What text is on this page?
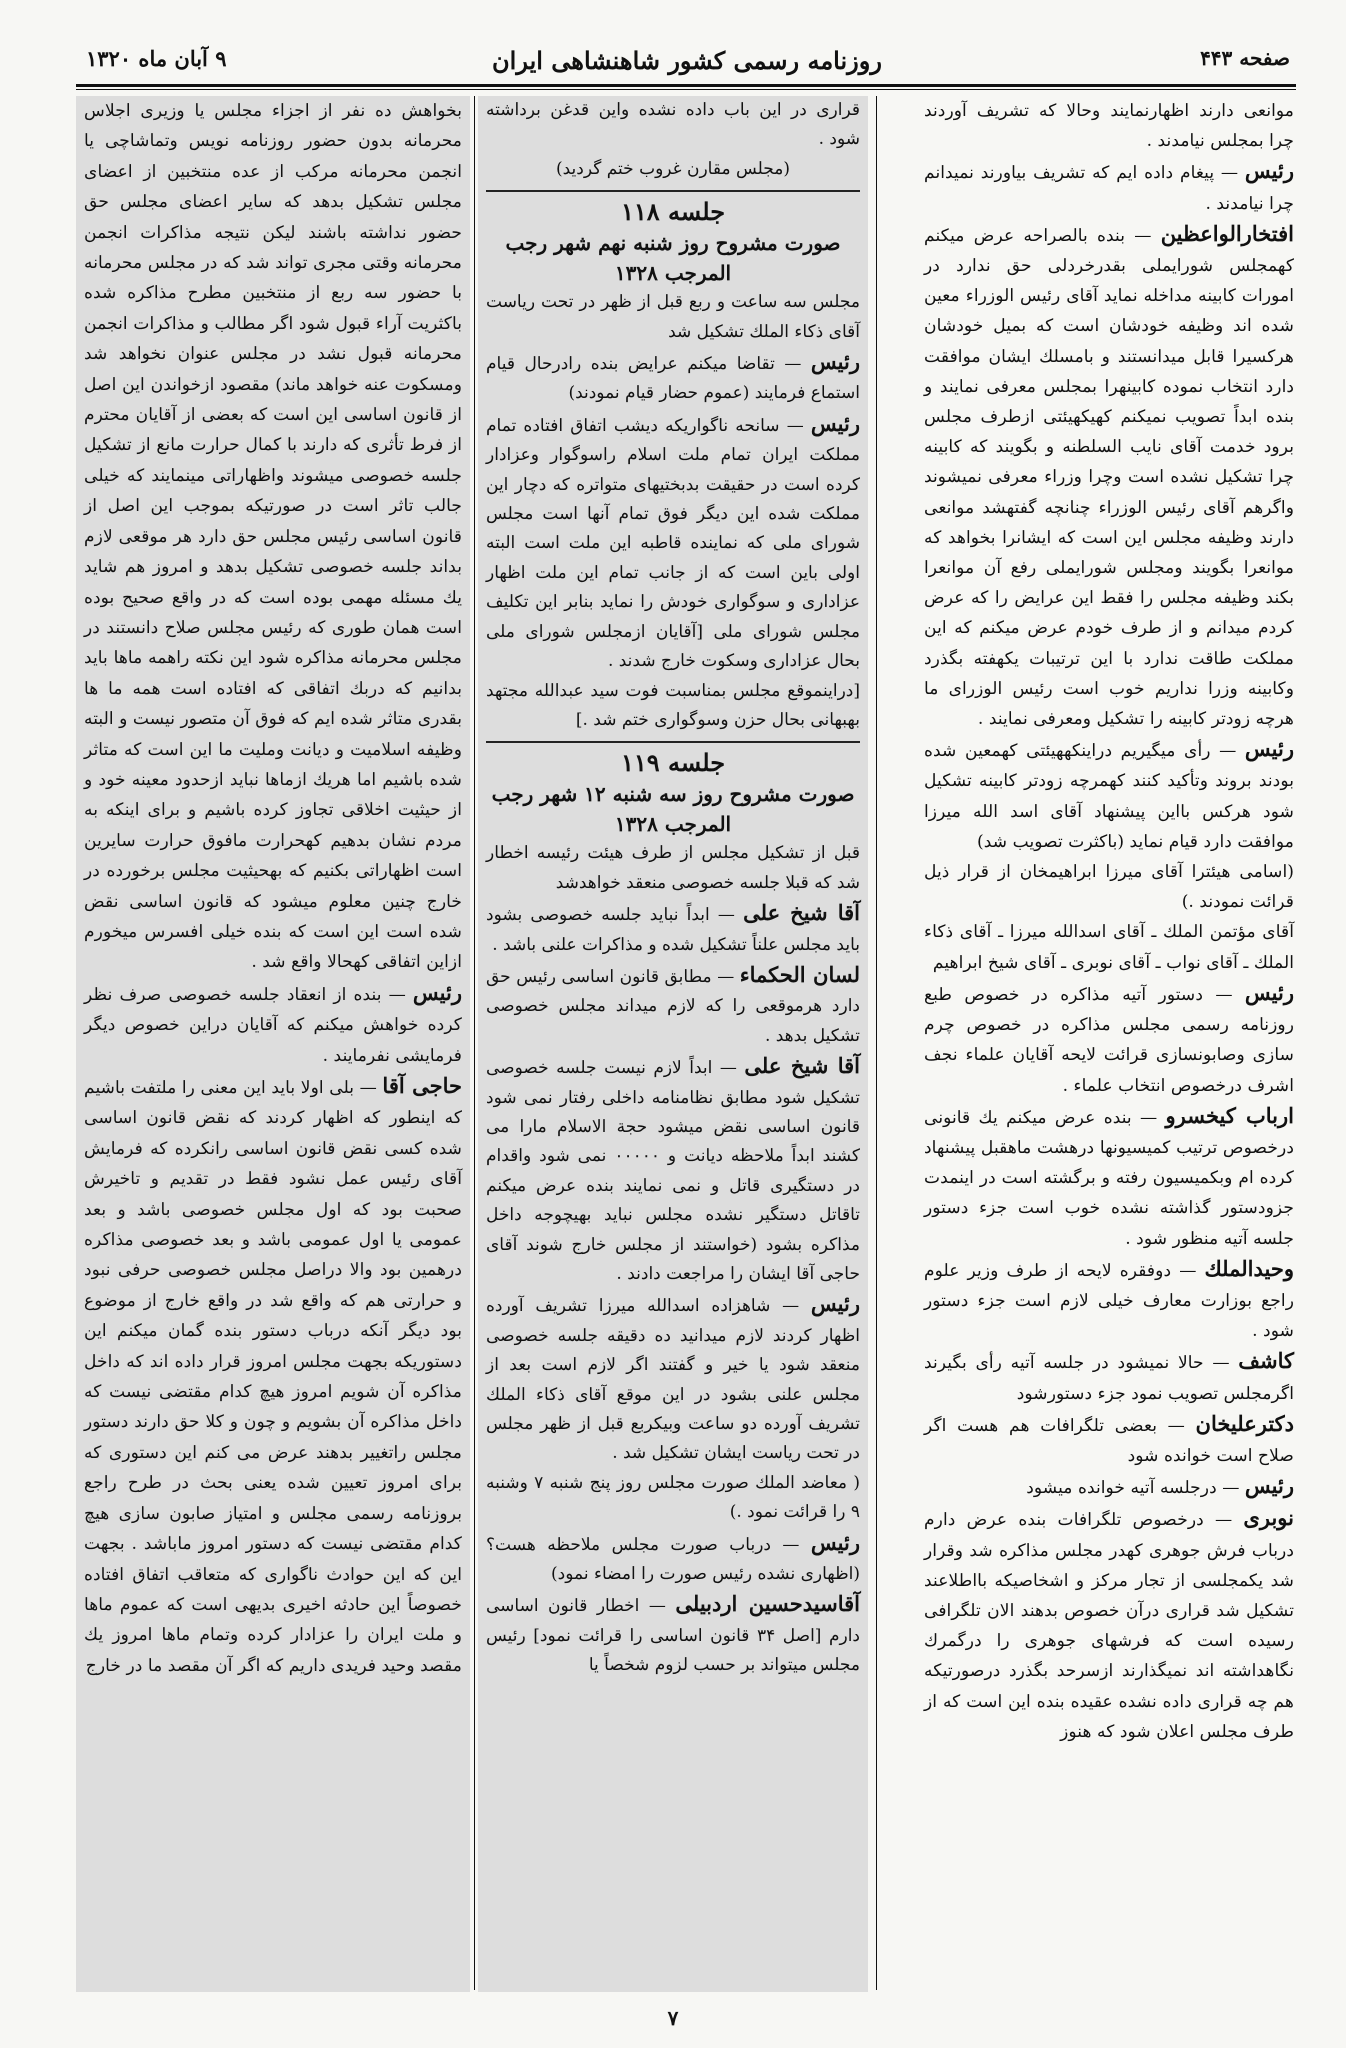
صفحه ۴۴۳
روزنامه رسمی کشور شاهنشاهی ایران
۹ آبان ماه ۱۳۲۰

موانعی دارند اظهارنمایند وحالا که تشریف آوردند چرا بمجلس نیامدند .

رئیس — پیغام داده ایم که تشریف بیاورند نمیدانم چرا نیامدند .

افتخارالواعظین — بنده بالصراحه عرض میکنم کهمجلس شورایملی بقدرخردلی حق ندارد در امورات کابینه مداخله نماید آقای رئیس الوزراء معین شده اند وظیفه خودشان است که بمیل خودشان هرکسیرا قابل میدانستند و بامسلك ایشان موافقت دارد انتخاب نموده کابینهرا بمجلس معرفی نمایند و بنده ابداً تصویب نمیکنم کهیکهیئتی ازطرف مجلس برود خدمت آقای نایب السلطنه و بگویند که کابینه چرا تشکیل نشده است وچرا وزراء معرفی نمیشوند واگرهم آقای رئیس الوزراء چنانچه گفتهشد موانعی دارند وظیفه مجلس این است که ایشانرا بخواهد که موانعرا بگویند ومجلس شورایملی رفع آن موانعرا بکند وظیفه مجلس را فقط این عرایض را که عرض کردم میدانم و از طرف خودم عرض میکنم که این مملکت طاقت ندارد با این ترتیبات یکهفته بگذرد وکابینه وزرا نداریم خوب است رئیس الوزرای ما هرچه زودتر کابینه را تشکیل ومعرفی نمایند .

رئیس — رأی میگیریم دراینکههیئتی کهمعین شده بودند بروند وتأکید کنند کهمرچه زودتر کابینه تشکیل شود هرکس بااین پیشنهاد آقای اسد الله میرزا موافقت دارد قیام نماید (باکثرت تصویب شد)

(اسامی هیئترا آقای میرزا ابراهیمخان از قرار ذیل قرائت نمودند .)

آقای مؤتمن الملك ـ آقای اسدالله میرزا ـ آقای ذکاء الملك ـ آقای نواب ـ آقای نوبری ـ آقای شیخ ابراهیم

رئیس — دستور آتیه مذاکره در خصوص طبع روزنامه رسمی مجلس مذاکره در خصوص چرم سازی وصابونسازی قرائت لایحه آقایان علماء نجف اشرف درخصوص انتخاب علماء .

ارباب کیخسرو — بنده عرض میکنم یك قانونی درخصوص ترتیب کمیسیونها درهشت ماهقبل پیشنهاد کرده ام وبکمیسیون رفته و برگشته است در اینمدت جزودستور گذاشته نشده خوب است جزء دستور جلسه آتیه منظور شود .

وحیدالملك — دوفقره لایحه از طرف وزیر علوم راجع بوزارت معارف خیلی لازم است جزء دستور شود .

کاشف — حالا نمیشود در جلسه آتیه رأی بگیرند اگرمجلس تصویب نمود جزء دستورشود

دکترعلیخان — بعضی تلگرافات هم هست اگر صلاح است خوانده شود

رئیس — درجلسه آتیه خوانده میشود

نوبری — درخصوص تلگرافات بنده عرض دارم درباب فرش جوهری کهدر مجلس مذاکره شد وقرار شد یکمجلسی از تجار مرکز و اشخاصیکه بااطلاعند تشکیل شد قراری درآن خصوص بدهند الان تلگرافی رسیده است که فرشهای جوهری را درگمرك نگاهداشته اند نمیگذارند ازسرحد بگذرد درصورتیکه هم چه قراری داده نشده عقیده بنده این است که از طرف مجلس اعلان شود که هنوز

قراری در این باب داده نشده واین قدغن برداشته شود .

(مجلس مقارن غروب ختم گردید)

جلسه ۱۱۸

صورت مشروح روز شنبه نهم شهر رجب المرجب ۱۳۲۸

مجلس سه ساعت و ربع قبل از ظهر در تحت ریاست آقای ذکاء الملك تشکیل شد

رئیس — تقاضا میکنم عرایض بنده رادرحال قیام استماع فرمایند (عموم حضار قیام نمودند)

رئیس — سانحه ناگواریکه دیشب اتفاق افتاده تمام مملکت ایران تمام ملت اسلام راسوگوار وعزادار کرده است در حقیقت بدبختیهای متواتره که دچار این مملکت شده این دیگر فوق تمام آنها است مجلس شورای ملی که نماینده قاطبه این ملت است البته اولی باین است که از جانب تمام این ملت اظهار عزاداری و سوگواری خودش را نماید بنابر این تکلیف مجلس شورای ملی [آقایان ازمجلس شورای ملی بحال عزاداری وسکوت خارج شدند .

[دراینموقع مجلس بمناسبت فوت سید عبدالله مجتهد بهبهانی بحال حزن وسوگواری ختم شد .]

جلسه ۱۱۹

صورت مشروح روز سه شنبه ۱۲ شهر رجب المرجب ۱۳۲۸

قبل از تشکیل مجلس از طرف هیئت رئیسه اخطار شد که قبلا جلسه خصوصی منعقد خواهدشد

آقا شیخ علی — ابداً نباید جلسه خصوصی بشود باید مجلس علناً تشکیل شده و مذاکرات علنی باشد .

لسان الحکماء — مطابق قانون اساسی رئیس حق دارد هرموقعی را که لازم میداند مجلس خصوصی تشکیل بدهد .

آقا شیخ علی — ابداً لازم نیست جلسه خصوصی تشکیل شود مطابق نظامنامه داخلی رفتار نمی شود قانون اساسی نقض میشود حجة الاسلام مارا می کشند ابداً ملاحظه دیانت و ۰۰۰۰۰ نمی شود واقدام در دستگیری قاتل و نمی نمایند بنده عرض میکنم تاقاتل دستگیر نشده مجلس نباید بهیچوجه داخل مذاکره بشود (خواستند از مجلس خارج شوند آقای حاجی آقا ایشان را مراجعت دادند .

رئیس — شاهزاده اسدالله میرزا تشریف آورده اظهار کردند لازم میدانید ده دقیقه جلسه خصوصی منعقد شود یا خیر و گفتند اگر لازم است بعد از مجلس علنی بشود در این موقع آقای ذکاء الملك تشریف آورده دو ساعت وبیکربع قبل از ظهر مجلس در تحت ریاست ایشان تشکیل شد .

( معاضد الملك صورت مجلس روز پنج شنبه ۷ وشنبه ۹ را قرائت نمود .)

رئیس — درباب صورت مجلس ملاحظه هست؟ (اظهاری نشده رئیس صورت را امضاء نمود)

آقاسیدحسین اردبیلی — اخطار قانون اساسی دارم [اصل ۳۴ قانون اساسی را قرائت نمود] رئیس مجلس میتواند بر حسب لزوم شخصاً یا

بخواهش ده نفر از اجزاء مجلس یا وزیری اجلاس محرمانه بدون حضور روزنامه نویس وتماشاچی یا انجمن محرمانه مرکب از عده منتخبین از اعضای مجلس تشکیل بدهد که سایر اعضای مجلس حق حضور نداشته باشند لیکن نتیجه مذاکرات انجمن محرمانه وقتی مجری تواند شد که در مجلس محرمانه با حضور سه ربع از منتخبین مطرح مذاکره شده باکثریت آراء قبول شود اگر مطالب و مذاکرات انجمن محرمانه قبول نشد در مجلس عنوان نخواهد شد ومسکوت عنه خواهد ماند) مقصود ازخواندن این اصل از قانون اساسی این است که بعضی از آقایان محترم از فرط تأثری که دارند با کمال حرارت مانع از تشکیل جلسه خصوصی میشوند واظهاراتی مینمایند که خیلی جالب تاثر است در صورتیکه بموجب این اصل از قانون اساسی رئیس مجلس حق دارد هر موقعی لازم بداند جلسه خصوصی تشکیل بدهد و امروز هم شاید یك مسئله مهمی بوده است که در واقع صحیح بوده است همان طوری که رئیس مجلس صلاح دانستند در مجلس محرمانه مذاکره شود این نکته راهمه ماها باید بدانیم که دربك اتفاقی که افتاده است همه ما ها بقدری متاثر شده ایم که فوق آن متصور نیست و البته وظیفه اسلامیت و دیانت وملیت ما این است که متاثر شده باشیم اما هریك ازماها نباید ازحدود معینه خود و از حیثیت اخلاقی تجاوز کرده باشیم و برای اینکه به مردم نشان بدهیم کهحرارت مافوق حرارت سایرین است اظهاراتی بکنیم که بهحیثیت مجلس برخورده در خارج چنین معلوم میشود که قانون اساسی نقض شده است این است که بنده خیلی افسرس میخورم ازاین اتفاقی کهحالا واقع شد .

رئیس — بنده از انعقاد جلسه خصوصی صرف نظر کرده خواهش میکنم که آقایان دراین خصوص دیگر فرمایشی نفرمایند .

حاجی آقا — بلی اولا باید این معنی را ملتفت باشیم که اینطور که اظهار کردند که نقض قانون اساسی شده کسی نقض قانون اساسی رانکرده که فرمایش آقای رئیس عمل نشود فقط در تقدیم و تاخیرش صحبت بود که اول مجلس خصوصی باشد و بعد عمومی یا اول عمومی باشد و بعد خصوصی مذاکره درهمین بود والا دراصل مجلس خصوصی حرفی نبود و حرارتی هم که واقع شد در واقع خارج از موضوع بود دیگر آنکه درباب دستور بنده گمان میکنم این دستوریکه بجهت مجلس امروز قرار داده اند که داخل مذاکره آن شویم امروز هیچ کدام مقتضی نیست که داخل مذاکره آن بشویم و چون و کلا حق دارند دستور مجلس راتغییر بدهند عرض می کنم این دستوری که برای امروز تعیین شده یعنی بحث در طرح راجع بروزنامه رسمی مجلس و امتیاز صابون سازی هیچ کدام مقتضی نیست که دستور امروز ماباشد . بجهت این که این حوادث ناگواری که متعاقب اتفاق افتاده خصوصاً این حادثه اخیری بدیهی است که عموم ماها و ملت ایران را عزادار کرده وتمام ماها امروز یك مقصد وحید فریدی داریم که اگر آن مقصد ما در خارج

۷
